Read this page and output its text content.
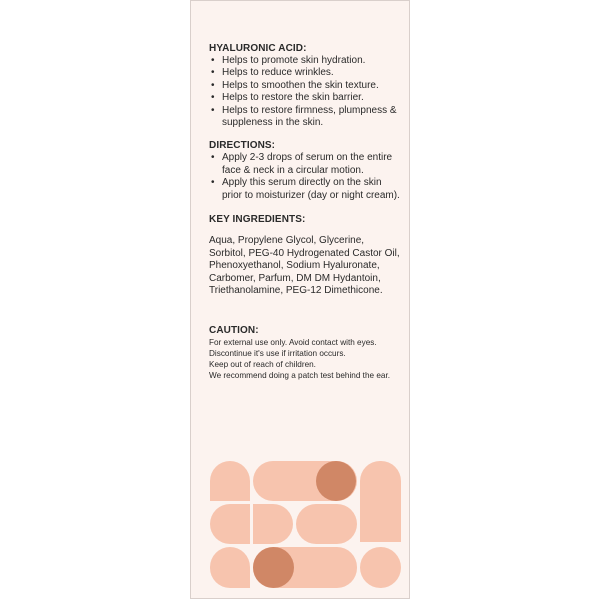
HYALURONIC ACID:
• Helps to promote skin hydration.
• Helps to reduce wrinkles.
• Helps to smoothen the skin texture.
• Helps to restore the skin barrier.
• Helps to restore firmness, plumpness & suppleness in the skin.
DIRECTIONS:
• Apply 2-3 drops of serum on the entire face & neck in a circular motion.
• Apply this serum directly on the skin prior to moisturizer (day or night cream).
KEY INGREDIENTS:
Aqua, Propylene Glycol, Glycerine, Sorbitol, PEG-40 Hydrogenated Castor Oil, Phenoxyethanol, Sodium Hyaluronate, Carbomer, Parfum, DM DM Hydantoin, Triethanolamine, PEG-12 Dimethicone.
CAUTION:

For external use only. Avoid contact with eyes.

Discontinue it's use if irritation occurs.

Keep out of reach of children.

We recommend doing a patch test behind the ear.
